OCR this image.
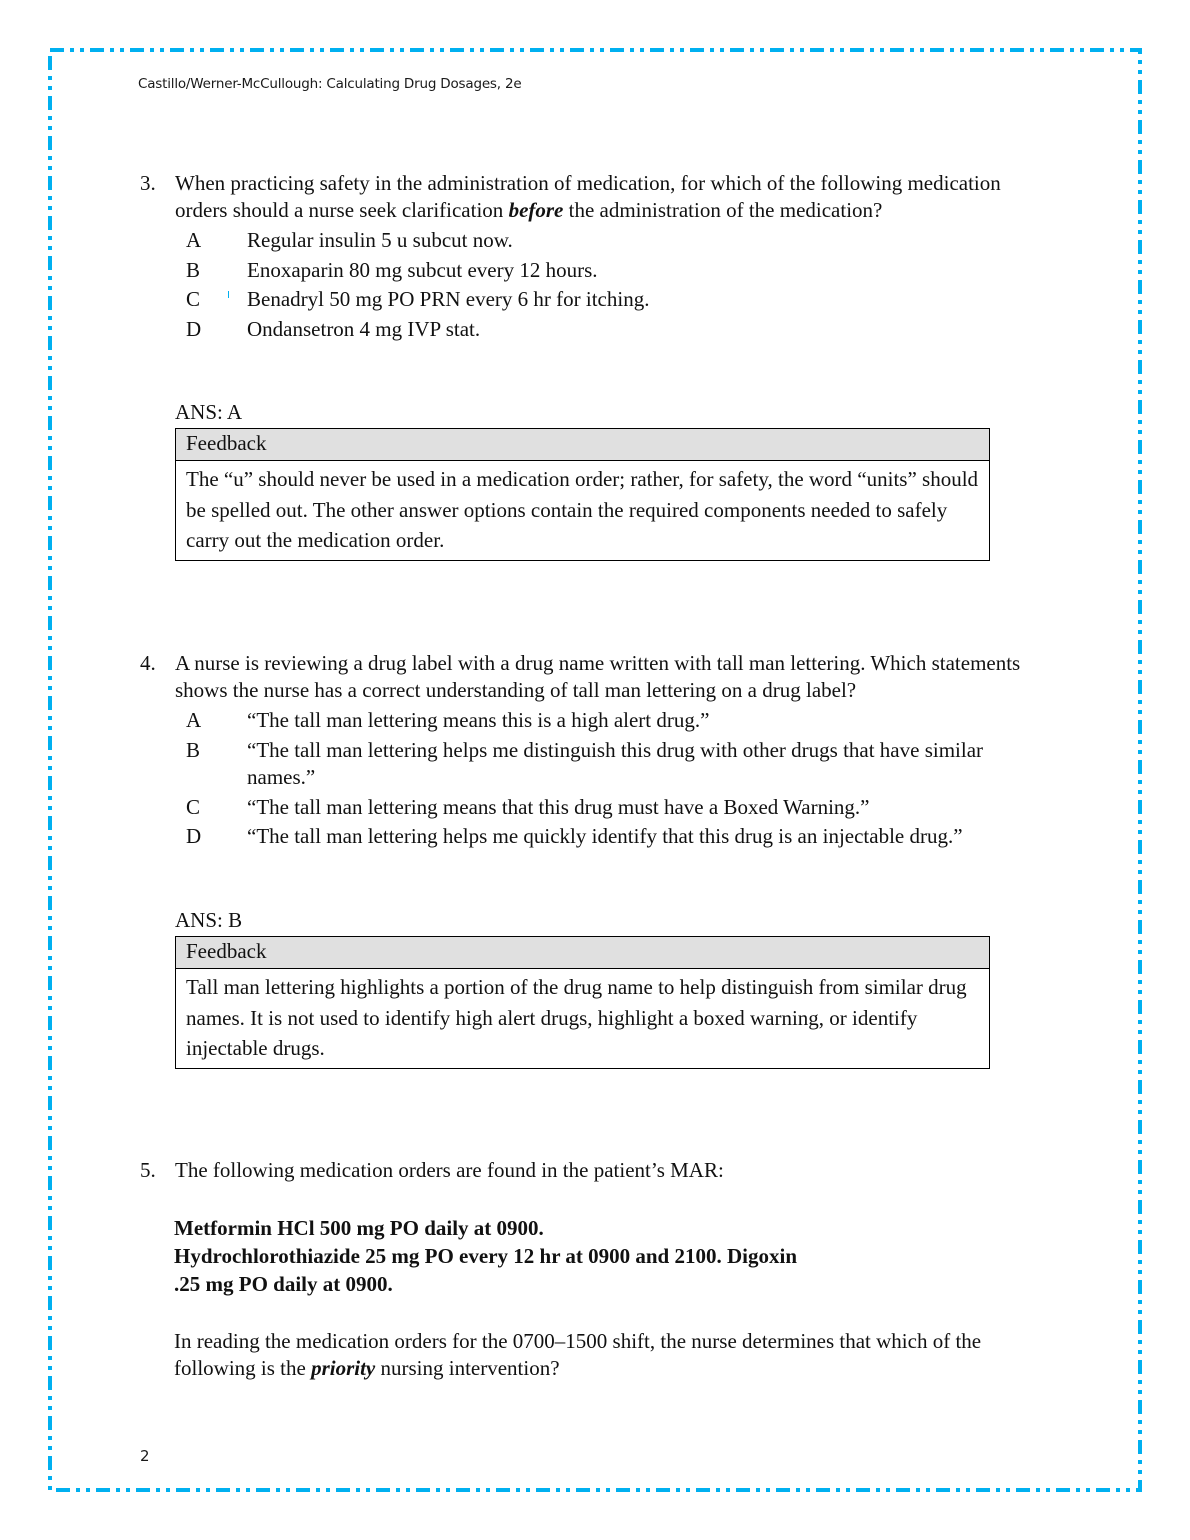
Castillo/Werner-McCullough: Calculating Drug Dosages, 2e
3. When practicing safety in the administration of medication, for which of the following medication orders should a nurse seek clarification before the administration of the medication?
A Regular insulin 5 u subcut now.
B Enoxaparin 80 mg subcut every 12 hours.
C Benadryl 50 mg PO PRN every 6 hr for itching.
D Ondansetron 4 mg IVP stat.
ANS: A
Feedback
The “u” should never be used in a medication order; rather, for safety, the word “units” should be spelled out. The other answer options contain the required components needed to safely carry out the medication order.
4. A nurse is reviewing a drug label with a drug name written with tall man lettering. Which statements shows the nurse has a correct understanding of tall man lettering on a drug label?
A “The tall man lettering means this is a high alert drug.”
B “The tall man lettering helps me distinguish this drug with other drugs that have similar names.”
C “The tall man lettering means that this drug must have a Boxed Warning.”
D “The tall man lettering helps me quickly identify that this drug is an injectable drug.”
ANS: B
Feedback
Tall man lettering highlights a portion of the drug name to help distinguish from similar drug names. It is not used to identify high alert drugs, highlight a boxed warning, or identify injectable drugs.
5. The following medication orders are found in the patient’s MAR:
Metformin HCl 500 mg PO daily at 0900.
Hydrochlorothiazide 25 mg PO every 12 hr at 0900 and 2100. Digoxin
.25 mg PO daily at 0900.
In reading the medication orders for the 0700–1500 shift, the nurse determines that which of the following is the priority nursing intervention?
2
